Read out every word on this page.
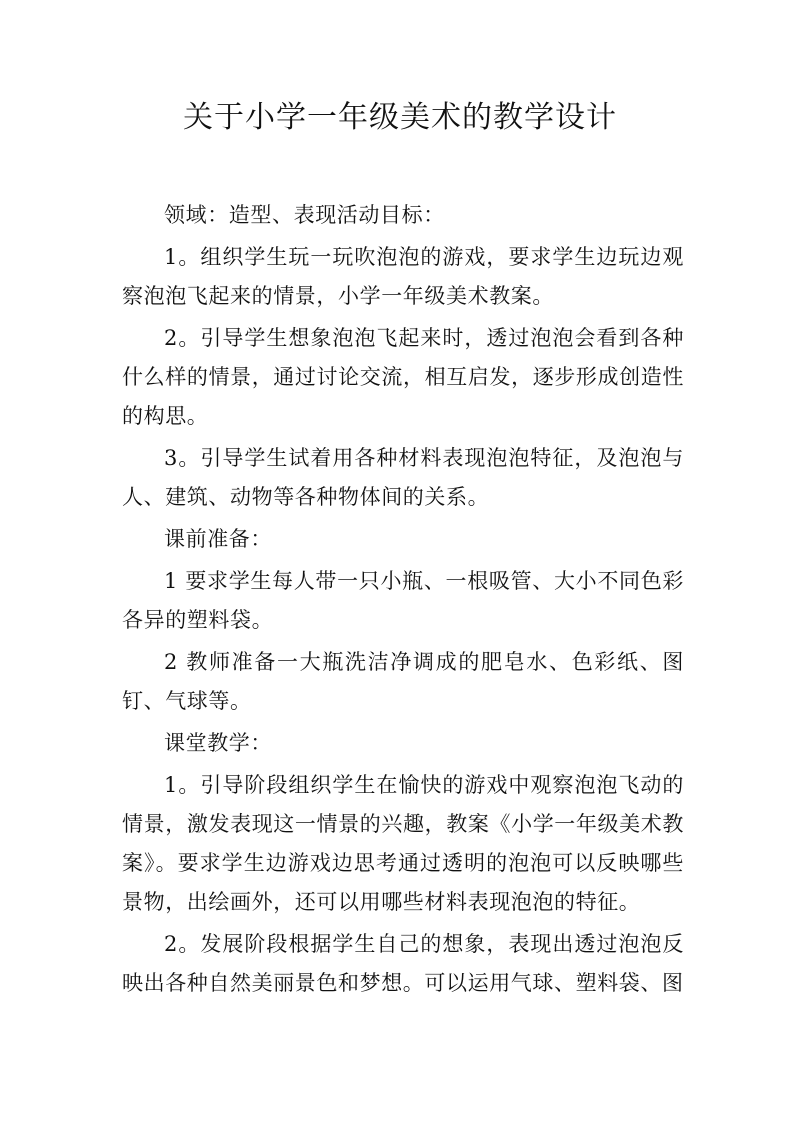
关于小学一年级美术的教学设计

领域：造型、表现活动目标：

1。组织学生玩一玩吹泡泡的游戏，要求学生边玩边观察泡泡飞起来的情景，小学一年级美术教案。

2。引导学生想象泡泡飞起来时，透过泡泡会看到各种什么样的情景，通过讨论交流，相互启发，逐步形成创造性的构思。

3。引导学生试着用各种材料表现泡泡特征，及泡泡与人、建筑、动物等各种物体间的关系。

课前准备：

1 要求学生每人带一只小瓶、一根吸管、大小不同色彩各异的塑料袋。

2 教师准备一大瓶洗洁净调成的肥皂水、色彩纸、图钉、气球等。

课堂教学：

1。引导阶段组织学生在愉快的游戏中观察泡泡飞动的情景，激发表现这一情景的兴趣，教案《小学一年级美术教案》。要求学生边游戏边思考通过透明的泡泡可以反映哪些景物，出绘画外，还可以用哪些材料表现泡泡的特征。

2。发展阶段根据学生自己的想象，表现出透过泡泡反映出各种自然美丽景色和梦想。可以运用气球、塑料袋、图
